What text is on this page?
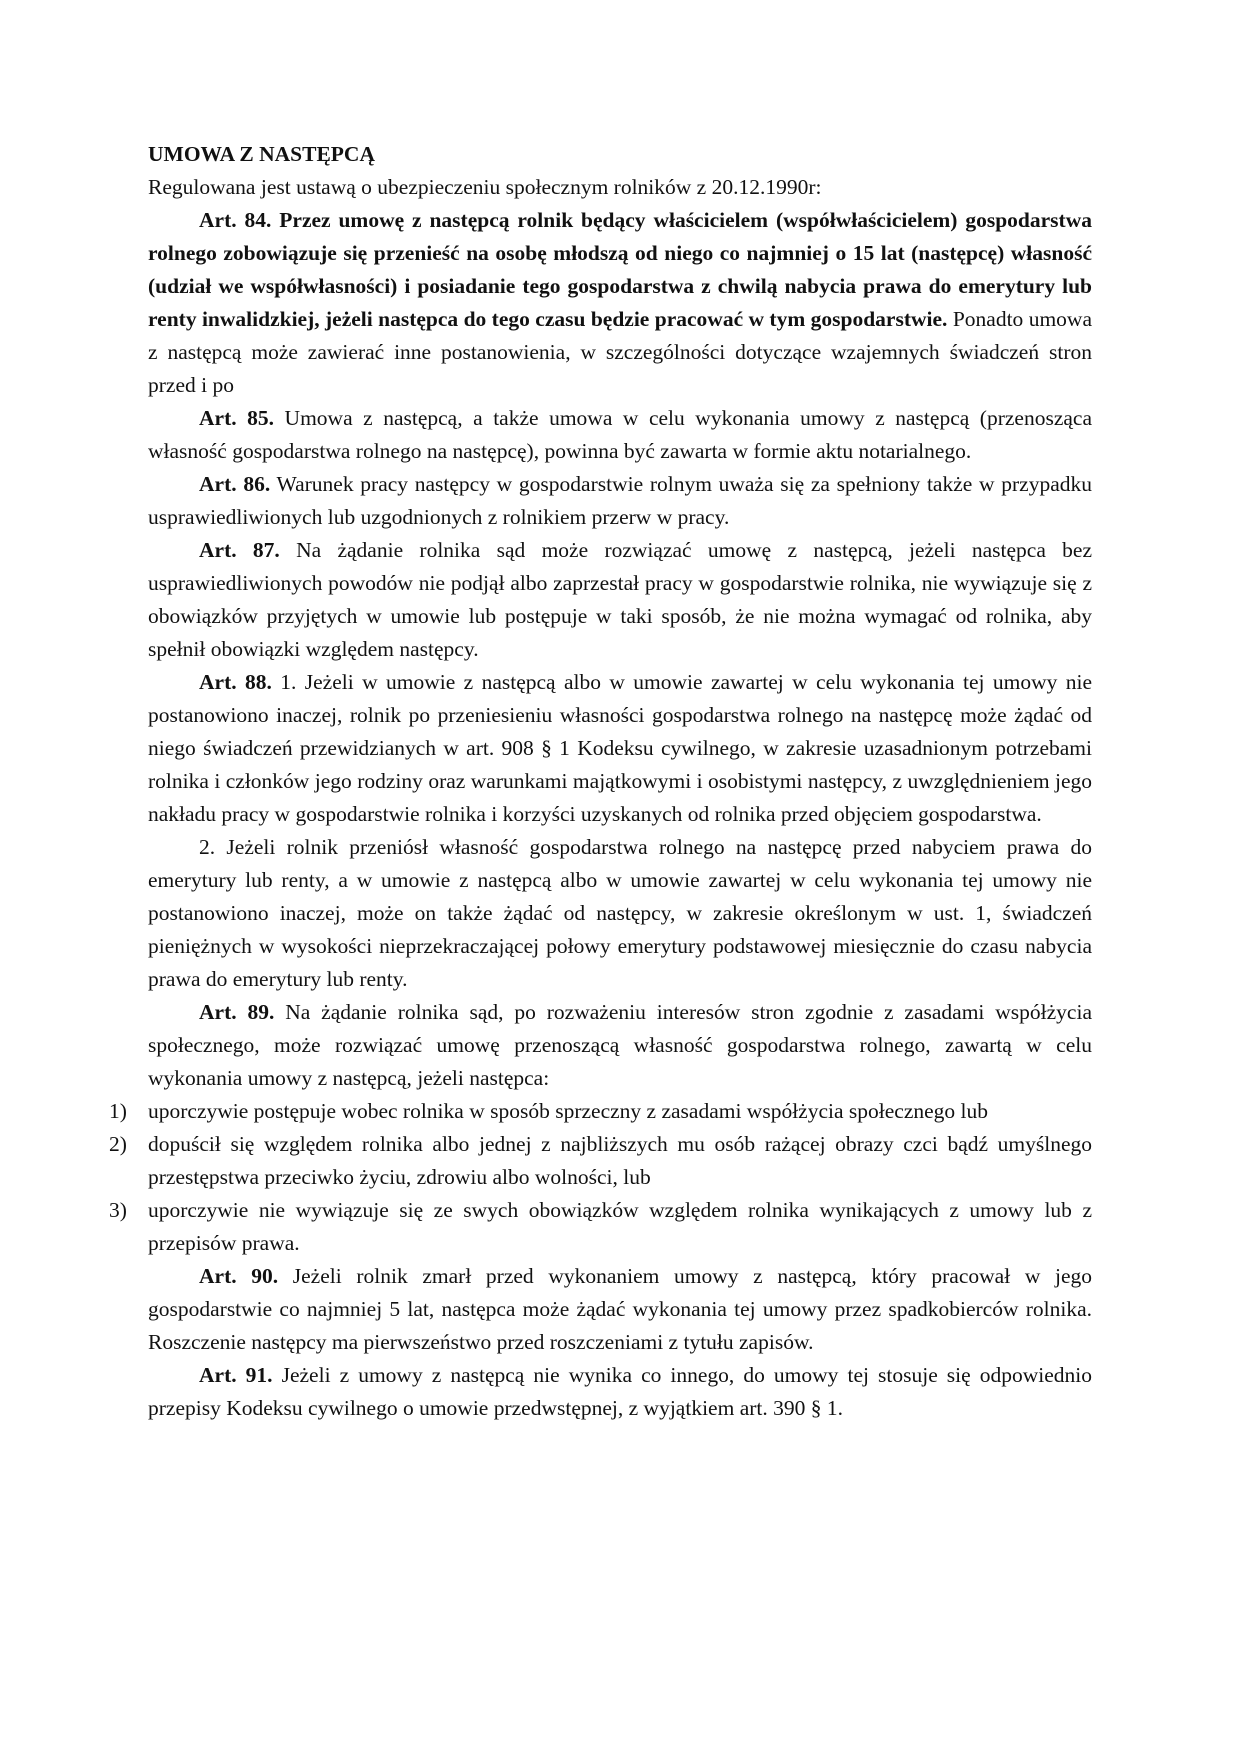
UMOWA Z NASTĘPCĄ
Regulowana jest ustawą o ubezpieczeniu społecznym rolników z 20.12.1990r:

Art. 84. Przez umowę z następcą rolnik będący właścicielem (współwłaścicielem) gospodarstwa rolnego zobowiązuje się przenieść na osobę młodszą od niego co najmniej o 15 lat (następcę) własność (udział we współwłasności) i posiadanie tego gospodarstwa z chwilą nabycia prawa do emerytury lub renty inwalidzkiej, jeżeli następca do tego czasu będzie pracować w tym gospodarstwie. Ponadto umowa z następcą może zawierać inne postanowienia, w szczególności dotyczące wzajemnych świadczeń stron przed i po

Art. 85. Umowa z następcą, a także umowa w celu wykonania umowy z następcą (przenosząca własność gospodarstwa rolnego na następcę), powinna być zawarta w formie aktu notarialnego.

Art. 86. Warunek pracy następcy w gospodarstwie rolnym uważa się za spełniony także w przypadku usprawiedliwionych lub uzgodnionych z rolnikiem przerw w pracy.

Art. 87. Na żądanie rolnika sąd może rozwiązać umowę z następcą, jeżeli następca bez usprawiedliwionych powodów nie podjął albo zaprzestał pracy w gospodarstwie rolnika, nie wywiązuje się z obowiązków przyjętych w umowie lub postępuje w taki sposób, że nie można wymagać od rolnika, aby spełnił obowiązki względem następcy.

Art. 88. 1. Jeżeli w umowie z następcą albo w umowie zawartej w celu wykonania tej umowy nie postanowiono inaczej, rolnik po przeniesieniu własności gospodarstwa rolnego na następcę może żądać od niego świadczeń przewidzianych w art. 908 § 1 Kodeksu cywilnego, w zakresie uzasadnionym potrzebami rolnika i członków jego rodziny oraz warunkami majątkowymi i osobistymi następcy, z uwzględnieniem jego nakładu pracy w gospodarstwie rolnika i korzyści uzyskanych od rolnika przed objęciem gospodarstwa.

2. Jeżeli rolnik przeniósł własność gospodarstwa rolnego na następcę przed nabyciem prawa do emerytury lub renty, a w umowie z następcą albo w umowie zawartej w celu wykonania tej umowy nie postanowiono inaczej, może on także żądać od następcy, w zakresie określonym w ust. 1, świadczeń pieniężnych w wysokości nieprzekraczającej połowy emerytury podstawowej miesięcznie do czasu nabycia prawa do emerytury lub renty.

Art. 89. Na żądanie rolnika sąd, po rozważeniu interesów stron zgodnie z zasadami współżycia społecznego, może rozwiązać umowę przenoszącą własność gospodarstwa rolnego, zawartą w celu wykonania umowy z następcą, jeżeli następca:

1) uporczywie postępuje wobec rolnika w sposób sprzeczny z zasadami współżycia społecznego lub
2) dopuścił się względem rolnika albo jednej z najbliższych mu osób rażącej obrazy czci bądź umyślnego przestępstwa przeciwko życiu, zdrowiu albo wolności, lub
3) uporczywie nie wywiązuje się ze swych obowiązków względem rolnika wynikających z umowy lub z przepisów prawa.

Art. 90. Jeżeli rolnik zmarł przed wykonaniem umowy z następcą, który pracował w jego gospodarstwie co najmniej 5 lat, następca może żądać wykonania tej umowy przez spadkobierców rolnika. Roszczenie następcy ma pierwszeństwo przed roszczeniami z tytułu zapisów.

Art. 91. Jeżeli z umowy z następcą nie wynika co innego, do umowy tej stosuje się odpowiednio przepisy Kodeksu cywilnego o umowie przedwstępnej, z wyjątkiem art. 390 § 1.
